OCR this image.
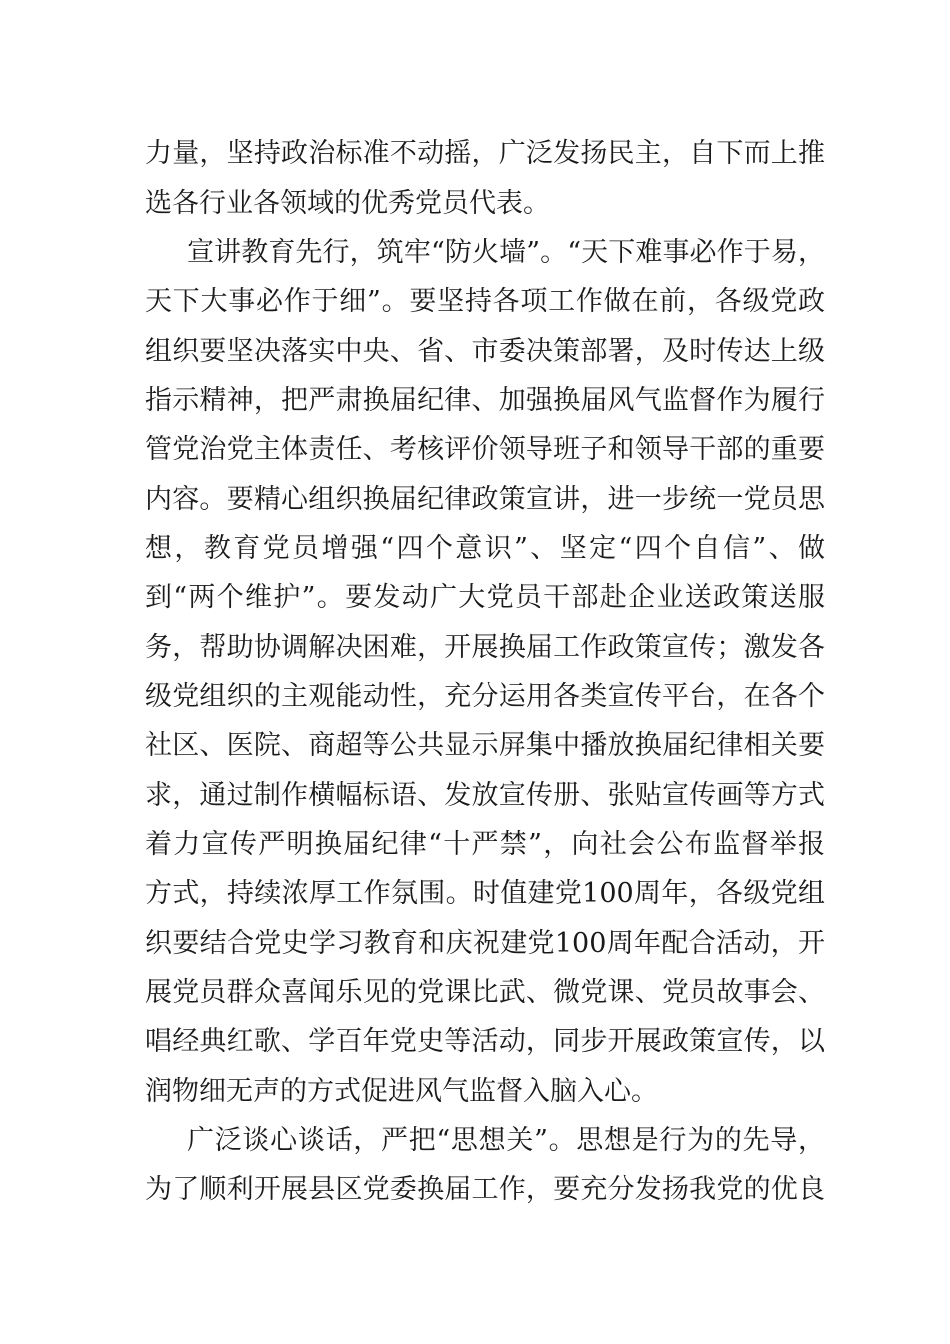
力量，坚持政治标准不动摇，广泛发扬民主，自下而上推
选各行业各领域的优秀党员代表。
宣讲教育先行，筑牢“防火墙”。“天下难事必作于易，
天下大事必作于细”。要坚持各项工作做在前，各级党政
组织要坚决落实中央、省、市委决策部署，及时传达上级
指示精神，把严肃换届纪律、加强换届风气监督作为履行
管党治党主体责任、考核评价领导班子和领导干部的重要
内容。要精心组织换届纪律政策宣讲，进一步统一党员思
想，教育党员增强“四个意识”、坚定“四个自信”、做
到“两个维护”。要发动广大党员干部赴企业送政策送服
务，帮助协调解决困难，开展换届工作政策宣传；激发各
级党组织的主观能动性，充分运用各类宣传平台，在各个
社区、医院、商超等公共显示屏集中播放换届纪律相关要
求，通过制作横幅标语、发放宣传册、张贴宣传画等方式
着力宣传严明换届纪律“十严禁”，向社会公布监督举报
方式，持续浓厚工作氛围。时值建党100周年，各级党组
织要结合党史学习教育和庆祝建党100周年配合活动，开
展党员群众喜闻乐见的党课比武、微党课、党员故事会、
唱经典红歌、学百年党史等活动，同步开展政策宣传，以
润物细无声的方式促进风气监督入脑入心。
广泛谈心谈话，严把“思想关”。思想是行为的先导，
为了顺利开展县区党委换届工作，要充分发扬我党的优良
